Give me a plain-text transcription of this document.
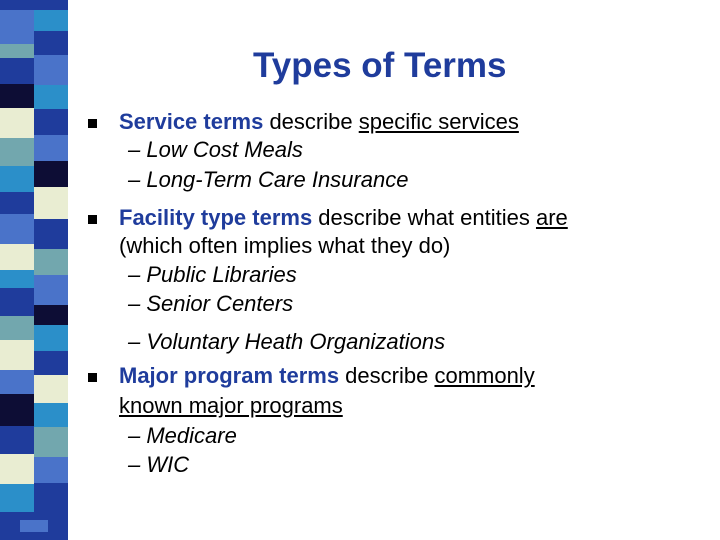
Types of Terms
Service terms describe specific services
– Low Cost Meals
– Long-Term Care Insurance
Facility type terms describe what entities are
(which often implies what they do)
– Public Libraries
– Senior Centers
– Voluntary Heath Organizations
Major program terms describe commonly
known major programs
– Medicare
– WIC
